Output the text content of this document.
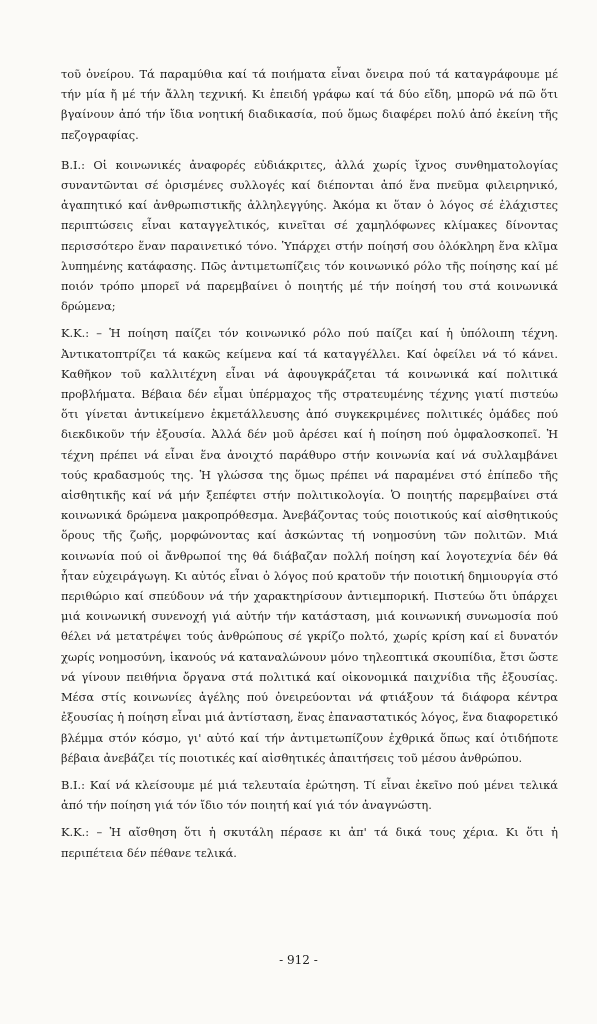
τοῦ ὀνείρου. Τά παραμύθια καί τά ποιήματα εἶναι ὄνειρα πού τά καταγράφουμε μέ τήν μία ἤ μέ τήν ἄλλη τεχνική. Κι ἐπειδή γράφω καί τά δύο εἴδη, μπορῶ νά πῶ ὅτι βγαίνουν ἀπό τήν ἴδια νοητική διαδικασία, πού ὅμως διαφέρει πολύ ἀπό ἐκείνη τῆς πεζογραφίας.

Β.Ι.: Οἱ κοινωνικές ἀναφορές εὐδιάκριτες, ἀλλά χωρίς ἴχνος συνθηματολογίας συναντῶνται σέ ὁρισμένες συλλογές καί διέπονται ἀπό ἕνα πνεῦμα φιλειρηνικό, ἀγαπητικό καί ἀνθρωπιστικῆς ἀλληλεγγύης. Ἀκόμα κι ὅταν ὁ λόγος σέ ἐλάχιστες περιπτώσεις εἶναι καταγγελτικός, κινεῖται σέ χαμηλόφωνες κλίμακες δίνοντας περισσότερο ἕναν παραινετικό τόνο. Ὑπάρχει στήν ποίησή σου ὁλόκληρη ἕνα κλῖμα λυπημένης κατάφασης. Πῶς ἀντιμετωπίζεις τόν κοινωνικό ρόλο τῆς ποίησης καί μέ ποιόν τρόπο μπορεῖ νά παρεμβαίνει ὁ ποιητής μέ τήν ποίησή του στά κοινωνικά δρώμενα;

Κ.Κ.: – Ἡ ποίηση παίζει τόν κοινωνικό ρόλο πού παίζει καί ἡ ὑπόλοιπη τέχνη. Ἀντικατοπτρίζει τά κακῶς κείμενα καί τά καταγγέλλει. Καί ὀφείλει νά τό κάνει. Καθῆκον τοῦ καλλιτέχνη εἶναι νά ἀφουγκράζεται τά κοινωνικά καί πολιτικά προβλήματα. Βέβαια δέν εἶμαι ὑπέρμαχος τῆς στρατευμένης τέχνης γιατί πιστεύω ὅτι γίνεται ἀντικείμενο ἐκμετάλλευσης ἀπό συγκεκριμένες πολιτικές ὁμάδες πού διεκδικοῦν τήν ἐξουσία. Ἀλλά δέν μοῦ ἀρέσει καί ἡ ποίηση πού ὀμφαλοσκοπεῖ. Ἡ τέχνη πρέπει νά εἶναι ἕνα ἀνοιχτό παράθυρο στήν κοινωνία καί νά συλλαμβάνει τούς κραδασμούς της. Ἡ γλώσσα της ὅμως πρέπει νά παραμένει στό ἐπίπεδο τῆς αἰσθητικῆς καί νά μήν ξεπέφτει στήν πολιτικολογία. Ὁ ποιητής παρεμβαίνει στά κοινωνικά δρώμενα μακροπρόθεσμα. Ἀνεβάζοντας τούς ποιοτικούς καί αἰσθητικούς ὅρους τῆς ζωῆς, μορφώνοντας καί ἀσκώντας τή νοημοσύνη τῶν πολιτῶν. Μιά κοινωνία πού οἱ ἄνθρωποί της θά διάβαζαν πολλή ποίηση καί λογοτεχνία δέν θά ἦταν εὐχειράγωγη. Κι αὐτός εἶναι ὁ λόγος πού κρατοῦν τήν ποιοτική δημιουργία στό περιθώριο καί σπεύδουν νά τήν χαρακτηρίσουν ἀντιεμπορική. Πιστεύω ὅτι ὑπάρχει μιά κοινωνική συνενοχή γιά αὐτήν τήν κατάσταση, μιά κοινωνική συνωμοσία πού θέλει νά μετατρέψει τούς ἀνθρώπους σέ γκρίζο πολτό, χωρίς κρίση καί εἰ δυνατόν χωρίς νοημοσύνη, ἱκανούς νά καταναλώνουν μόνο τηλεοπτικά σκουπίδια, ἔτσι ὥστε νά γίνουν πειθήνια ὄργανα στά πολιτικά καί οἰκονομικά παιχνίδια τῆς ἐξουσίας. Μέσα στίς κοινωνίες ἀγέλης πού ὀνειρεύονται νά φτιάξουν τά διάφορα κέντρα ἐξουσίας ἡ ποίηση εἶναι μιά ἀντίσταση, ἕνας ἐπαναστατικός λόγος, ἕνα διαφορετικό βλέμμα στόν κόσμο, γι' αὐτό καί τήν ἀντιμετωπίζουν ἐχθρικά ὅπως καί ὁτιδήποτε βέβαια ἀνεβάζει τίς ποιοτικές καί αἰσθητικές ἀπαιτήσεις τοῦ μέσου ἀνθρώπου.

Β.Ι.: Καί νά κλείσουμε μέ μιά τελευταία ἐρώτηση. Τί εἶναι ἐκεῖνο πού μένει τελικά ἀπό τήν ποίηση γιά τόν ἴδιο τόν ποιητή καί γιά τόν ἀναγνώστη.

Κ.Κ.: – Ἡ αἴσθηση ὅτι ἡ σκυτάλη πέρασε κι ἀπ' τά δικά τους χέρια. Κι ὅτι ἡ περιπέτεια δέν πέθανε τελικά.

- 912 -
